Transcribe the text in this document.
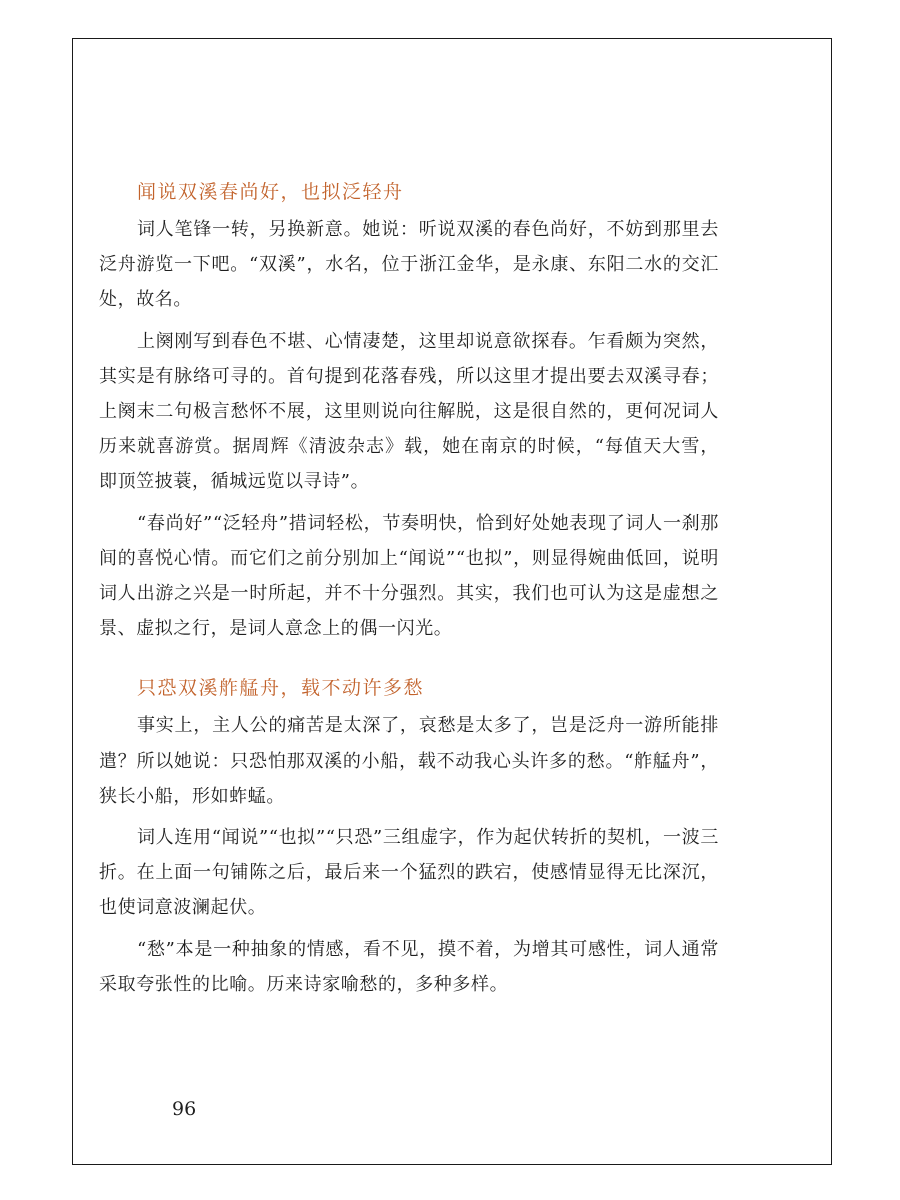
闻说双溪春尚好，也拟泛轻舟

词人笔锋一转，另换新意。她说：听说双溪的春色尚好，不妨到那里去泛舟游览一下吧。“双溪”，水名，位于浙江金华，是永康、东阳二水的交汇处，故名。

上阕刚写到春色不堪、心情凄楚，这里却说意欲探春。乍看颇为突然，其实是有脉络可寻的。首句提到花落春残，所以这里才提出要去双溪寻春；上阕末二句极言愁怀不展，这里则说向往解脱，这是很自然的，更何况词人历来就喜游赏。据周辉《清波杂志》载，她在南京的时候，“每值天大雪，即顶笠披蓑，循城远览以寻诗”。

“春尚好”“泛轻舟”措词轻松，节奏明快，恰到好处她表现了词人一刹那间的喜悦心情。而它们之前分别加上“闻说”“也拟”，则显得婉曲低回，说明词人出游之兴是一时所起，并不十分强烈。其实，我们也可认为这是虚想之景、虚拟之行，是词人意念上的偶一闪光。

只恐双溪舴艋舟，载不动许多愁

事实上，主人公的痛苦是太深了，哀愁是太多了，岂是泛舟一游所能排遣？所以她说：只恐怕那双溪的小船，载不动我心头许多的愁。“舴艋舟”，狭长小船，形如蚱蜢。

词人连用“闻说”“也拟”“只恐”三组虚字，作为起伏转折的契机，一波三折。在上面一句铺陈之后，最后来一个猛烈的跌宕，使感情显得无比深沉，也使词意波澜起伏。

“愁”本是一种抽象的情感，看不见，摸不着，为增其可感性，词人通常采取夸张性的比喻。历来诗家喻愁的，多种多样。

96
